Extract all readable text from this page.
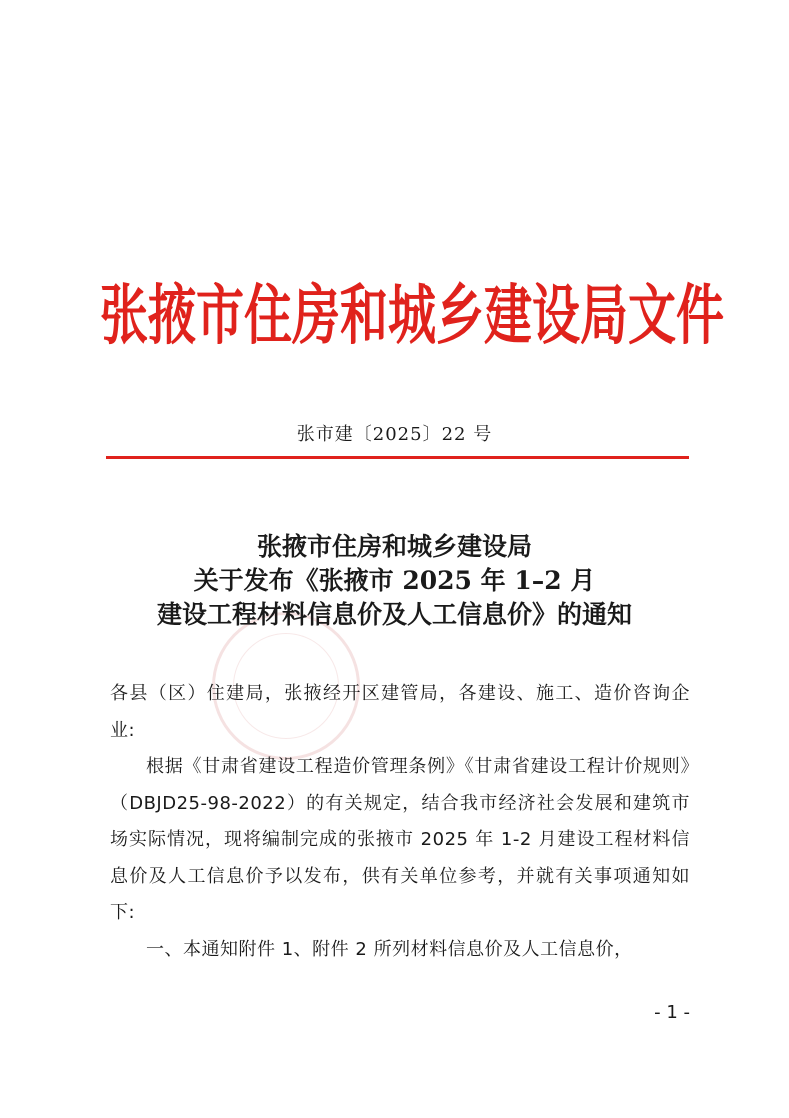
张掖市住房和城乡建设局文件
张市建〔2025〕22 号
张掖市住房和城乡建设局
关于发布《张掖市 2025 年 1–2 月
建设工程材料信息价及人工信息价》的通知

各县（区）住建局，张掖经开区建管局，各建设、施工、造价咨询企业:

根据《甘肃省建设工程造价管理条例》《甘肃省建设工程计价规则》（DBJD25-98-2022）的有关规定，结合我市经济社会发展和建筑市场实际情况，现将编制完成的张掖市 2025 年 1-2 月建设工程材料信息价及人工信息价予以发布，供有关单位参考，并就有关事项通知如下:

一、本通知附件 1、附件 2 所列材料信息价及人工信息价，

- 1 -
